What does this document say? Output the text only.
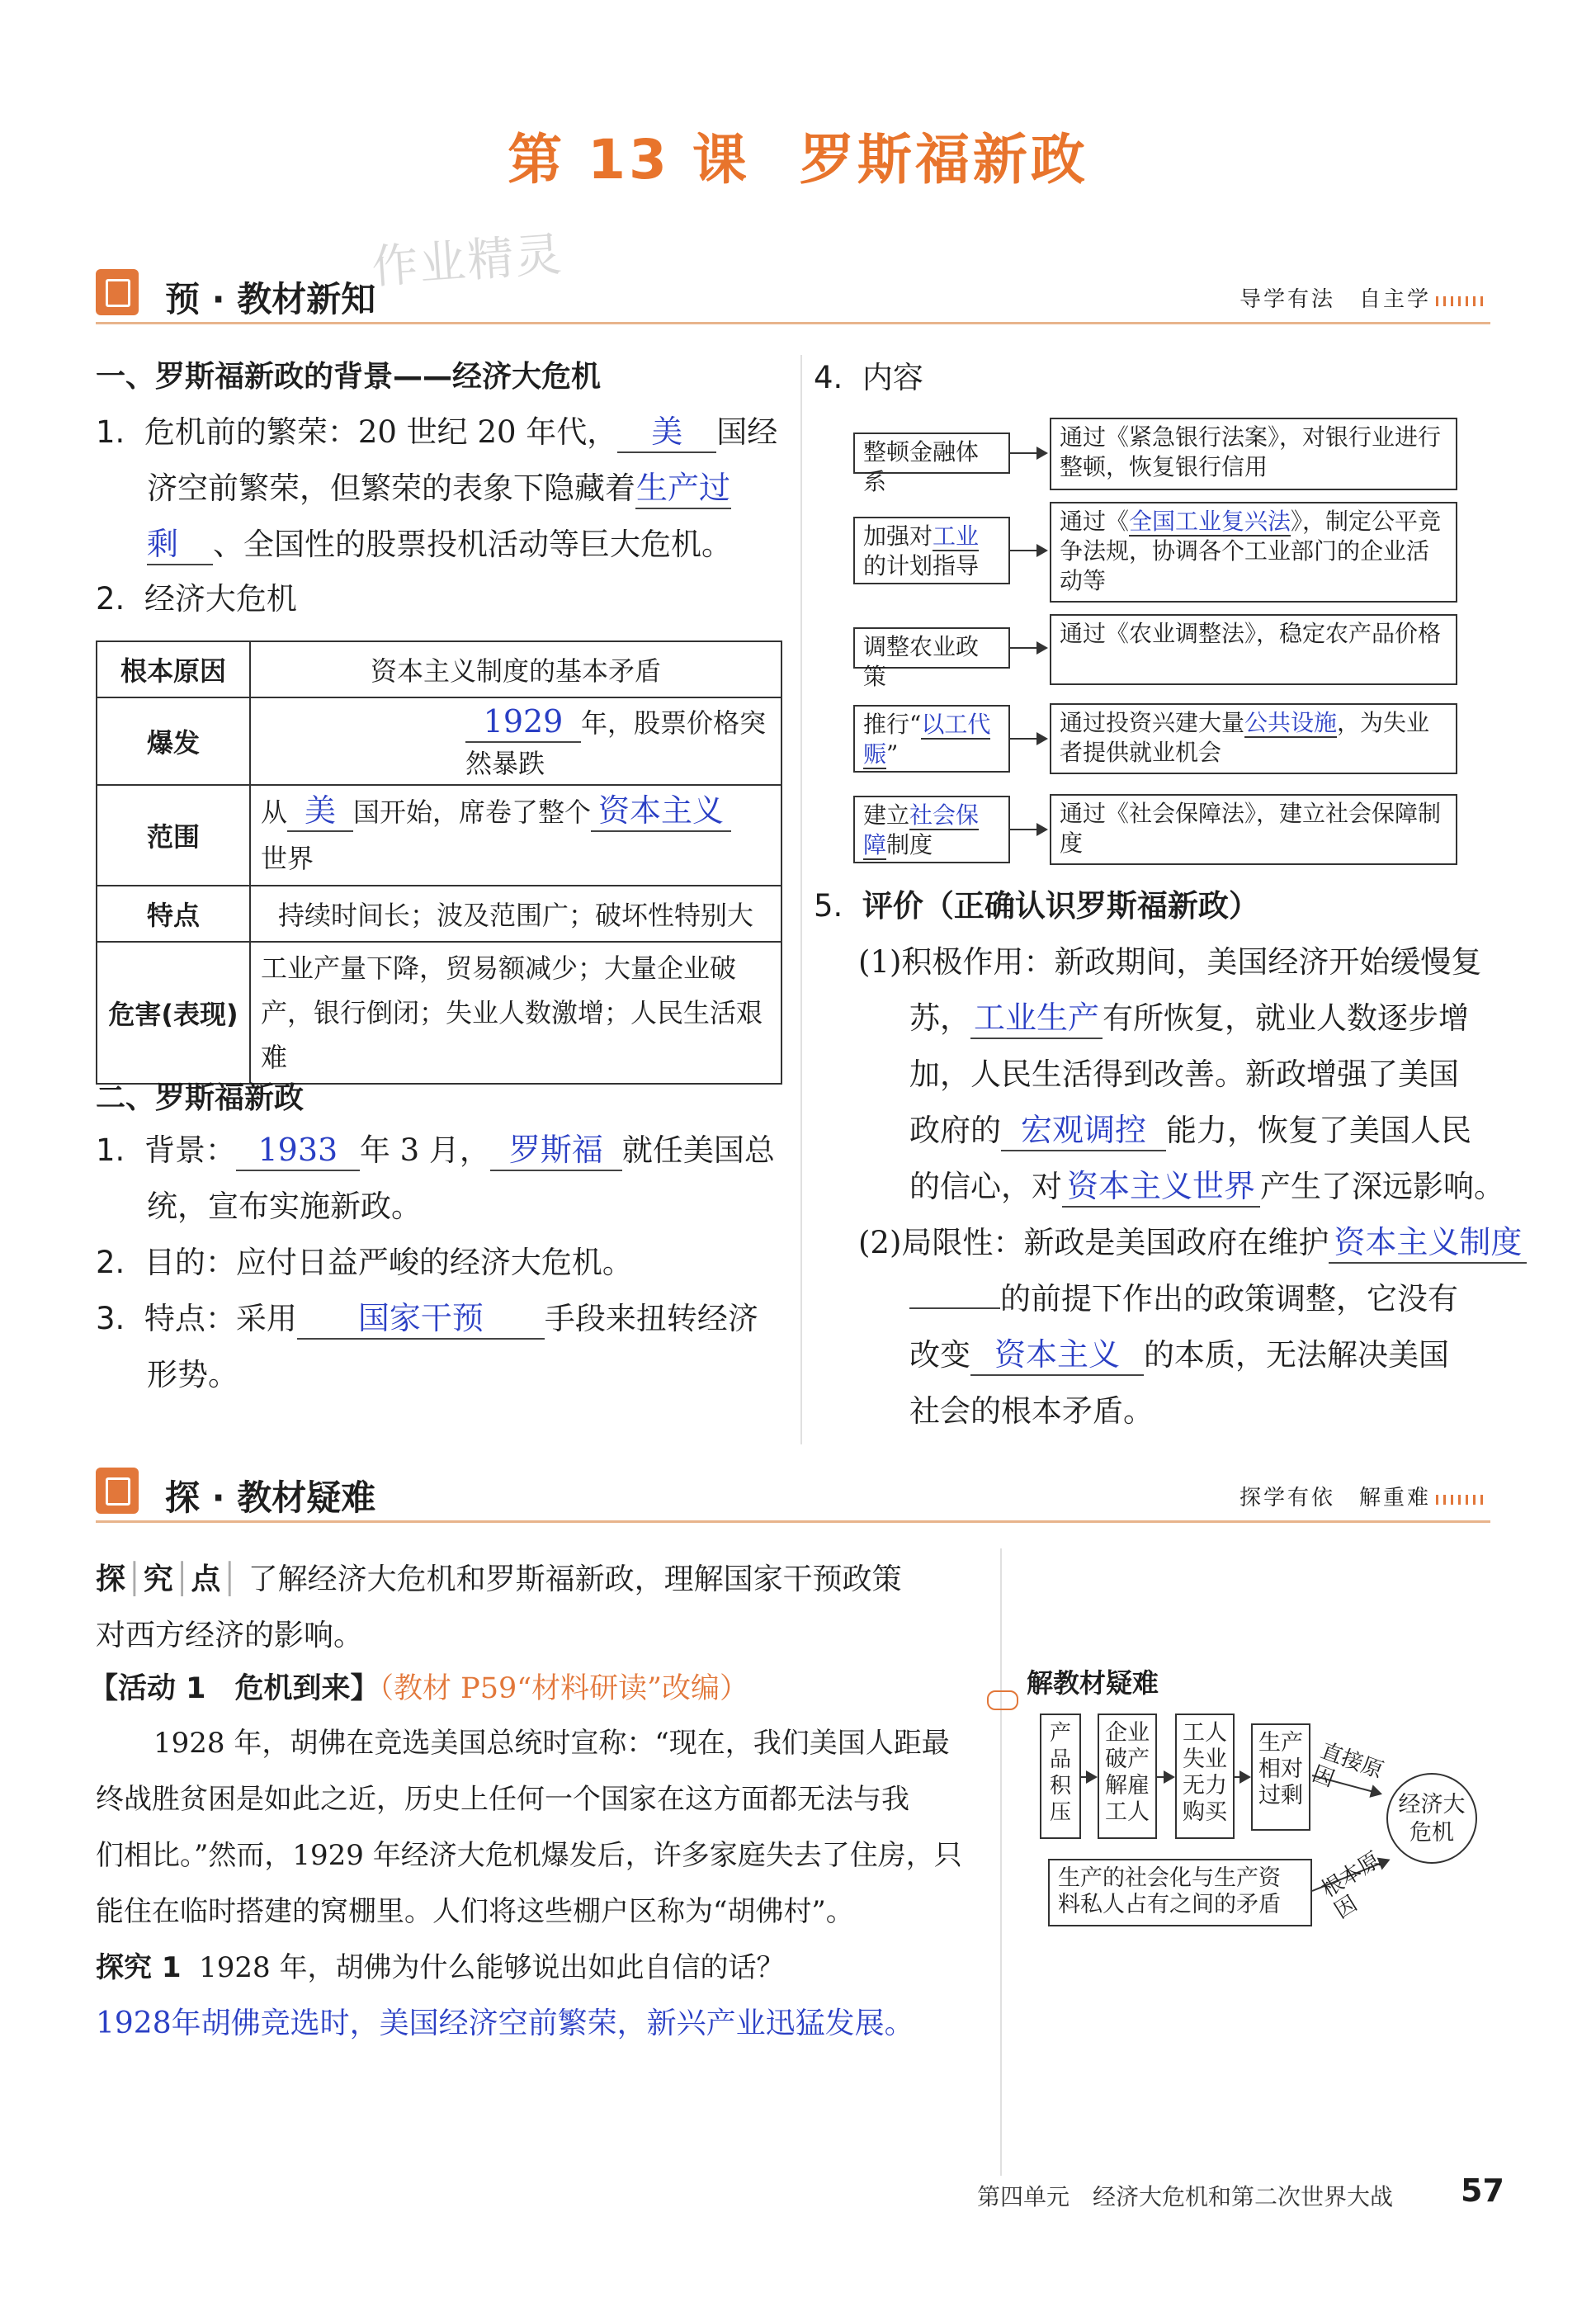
第 13 课 罗斯福新政
作业精灵
预 · 教材新知	导学有法　自主学
一、罗斯福新政的背景——经济大危机
1. 危机前的繁荣：20 世纪 20 年代， 美 国经
济空前繁荣，但繁荣的表象下隐藏着生产过
剩 、全国性的股票投机活动等巨大危机。
2. 经济大危机
根本原因	资本主义制度的基本矛盾
爆发	1929 年，股票价格突然暴跌
范围	从 美 国开始，席卷了整个 资本主义
世界
特点	持续时间长；波及范围广；破坏性特别大
危害(表现)	工业产量下降，贸易额减少；大量企业破产，银行倒闭；失业人数激增；人民生活艰难
二、罗斯福新政
1. 背景： 1933 年 3 月， 罗斯福 就任美国总
统，宣布实施新政。
2. 目的：应付日益严峻的经济大危机。
3. 特点：采用 国家干预 手段来扭转经济
形势。
4. 内容
整顿金融体系
通过《紧急银行法案》，对银行业进行整顿，恢复银行信用
加强对工业
的计划指导
通过《全国工业复兴法》，制定公平竞争法规，协调各个工业部门的企业活动等
调整农业政策
通过《农业调整法》，稳定农产品价格
推行“以工代赈”
通过投资兴建大量公共设施，为失业者提供就业机会
建立社会保障制度
通过《社会保障法》，建立社会保障制度
5. 评价（正确认识罗斯福新政）
(1)积极作用：新政期间，美国经济开始缓慢复
苏， 工业生产 有所恢复，就业人数逐步增
加，人民生活得到改善。新政增强了美国
政府的 宏观调控 能力，恢复了美国人民
的信心，对 资本主义世界 产生了深远影响。
(2)局限性：新政是美国政府在维护 资本主义制度
的前提下作出的政策调整，它没有
改变 资本主义 的本质，无法解决美国
社会的根本矛盾。
探 · 教材疑难	探学有依　解重难
探│究│点│ 了解经济大危机和罗斯福新政，理解国家干预政策
对西方经济的影响。
【活动 1　危机到来】（教材 P59“材料研读”改编）
1928 年，胡佛在竞选美国总统时宣称：“现在，我们美国人距最
终战胜贫困是如此之近，历史上任何一个国家在这方面都无法与我
们相比。”然而，1929 年经济大危机爆发后，许多家庭失去了住房，只
能住在临时搭建的窝棚里。人们将这些棚户区称为“胡佛村”。
探究 1 1928 年，胡佛为什么能够说出如此自信的话？
1928年胡佛竞选时，美国经济空前繁荣，新兴产业迅猛发展。
解教材疑难
产品积压
企业破产解雇工人
工人失业无力购买
生产相对过剩
直接原因
经济大危机
生产的社会化与生产资料私人占有之间的矛盾
根本原因
第四单元　经济大危机和第二次世界大战 57
